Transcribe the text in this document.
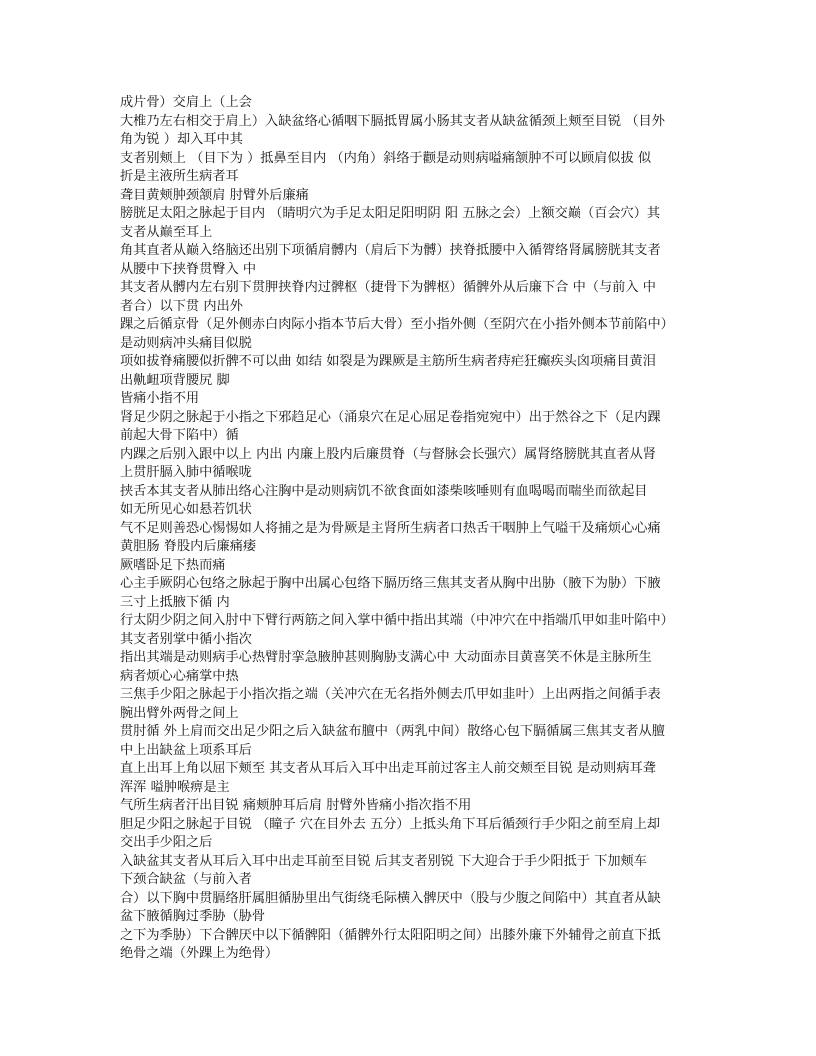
成片骨）交肩上（上会
大椎乃左右相交于肩上）入缺盆络心循咽下膈抵胃属小肠其支者从缺盆循颈上颊至目锐 （目外
角为锐 ）却入耳中其
支者别颊上 （目下为 ）抵鼻至目内 （内角）斜络于颧是动则病嗌痛颔肿不可以顾肩似拔 似
折是主液所生病者耳
聋目黄颊肿颈颔肩 肘臂外后廉痛
膀胱足太阳之脉起于目内 （睛明穴为手足太阳足阳明阴 阳 五脉之会）上额交巅（百会穴）其
支者从巅至耳上
角其直者从巅入络脑还出别下项循肩髆内（肩后下为髆）挟脊抵腰中入循膂络肾属膀胱其支者
从腰中下挟脊贯臀入 中
其支者从髆内左右别下贯胛挟脊内过髀枢（捷骨下为髀枢）循髀外从后廉下合 中（与前入 中
者合）以下贯 内出外
踝之后循京骨（足外侧赤白肉际小指本节后大骨）至小指外侧（至阴穴在小指外侧本节前陷中）
是动则病冲头痛目似脱
项如拔脊痛腰似折髀不可以曲 如结 如裂是为踝厥是主筋所生病者痔疟狂癫疾头囟项痛目黄泪
出鼽衄项背腰尻 脚
皆痛小指不用
肾足少阴之脉起于小指之下邪趋足心（涌泉穴在足心屈足卷指宛宛中）出于然谷之下（足内踝
前起大骨下陷中）循
内踝之后别入跟中以上 内出 内廉上股内后廉贯脊（与督脉会长强穴）属肾络膀胱其直者从肾
上贯肝膈入肺中循喉咙
挟舌本其支者从肺出络心注胸中是动则病饥不欲食面如漆柴咳唾则有血喝喝而喘坐而欲起目
如无所见心如悬若饥状
气不足则善恐心惕惕如人将捕之是为骨厥是主肾所生病者口热舌干咽肿上气嗌干及痛烦心心痛
黄胆肠 脊股内后廉痛痿
厥嗜卧足下热而痛
心主手厥阴心包络之脉起于胸中出属心包络下膈历络三焦其支者从胸中出胁（腋下为胁）下腋
三寸上抵腋下循 内
行太阴少阴之间入肘中下臂行两筋之间入掌中循中指出其端（中冲穴在中指端爪甲如韭叶陷中）
其支者别掌中循小指次
指出其端是动则病手心热臂肘挛急腋肿甚则胸胁支满心中 大动面赤目黄喜笑不休是主脉所生
病者烦心心痛掌中热
三焦手少阳之脉起于小指次指之端（关冲穴在无名指外侧去爪甲如韭叶）上出两指之间循手表
腕出臂外两骨之间上
贯肘循 外上肩而交出足少阳之后入缺盆布膻中（两乳中间）散络心包下膈循属三焦其支者从膻
中上出缺盆上项系耳后
直上出耳上角以屈下颊至 其支者从耳后入耳中出走耳前过客主人前交颊至目锐 是动则病耳聋
浑浑 嗌肿喉痹是主
气所生病者汗出目锐 痛颊肿耳后肩 肘臂外皆痛小指次指不用
胆足少阳之脉起于目锐 （瞳子 穴在目外去 五分）上抵头角下耳后循颈行手少阳之前至肩上却
交出手少阳之后
入缺盆其支者从耳后入耳中出走耳前至目锐 后其支者别锐 下大迎合于手少阳抵于 下加颊车
下颈合缺盆（与前入者
合）以下胸中贯膈络肝属胆循胁里出气街绕毛际横入髀厌中（股与少腹之间陷中）其直者从缺
盆下腋循胸过季胁（胁骨
之下为季胁）下合髀厌中以下循髀阳（循髀外行太阳阳明之间）出膝外廉下外辅骨之前直下抵
绝骨之端（外踝上为绝骨）
